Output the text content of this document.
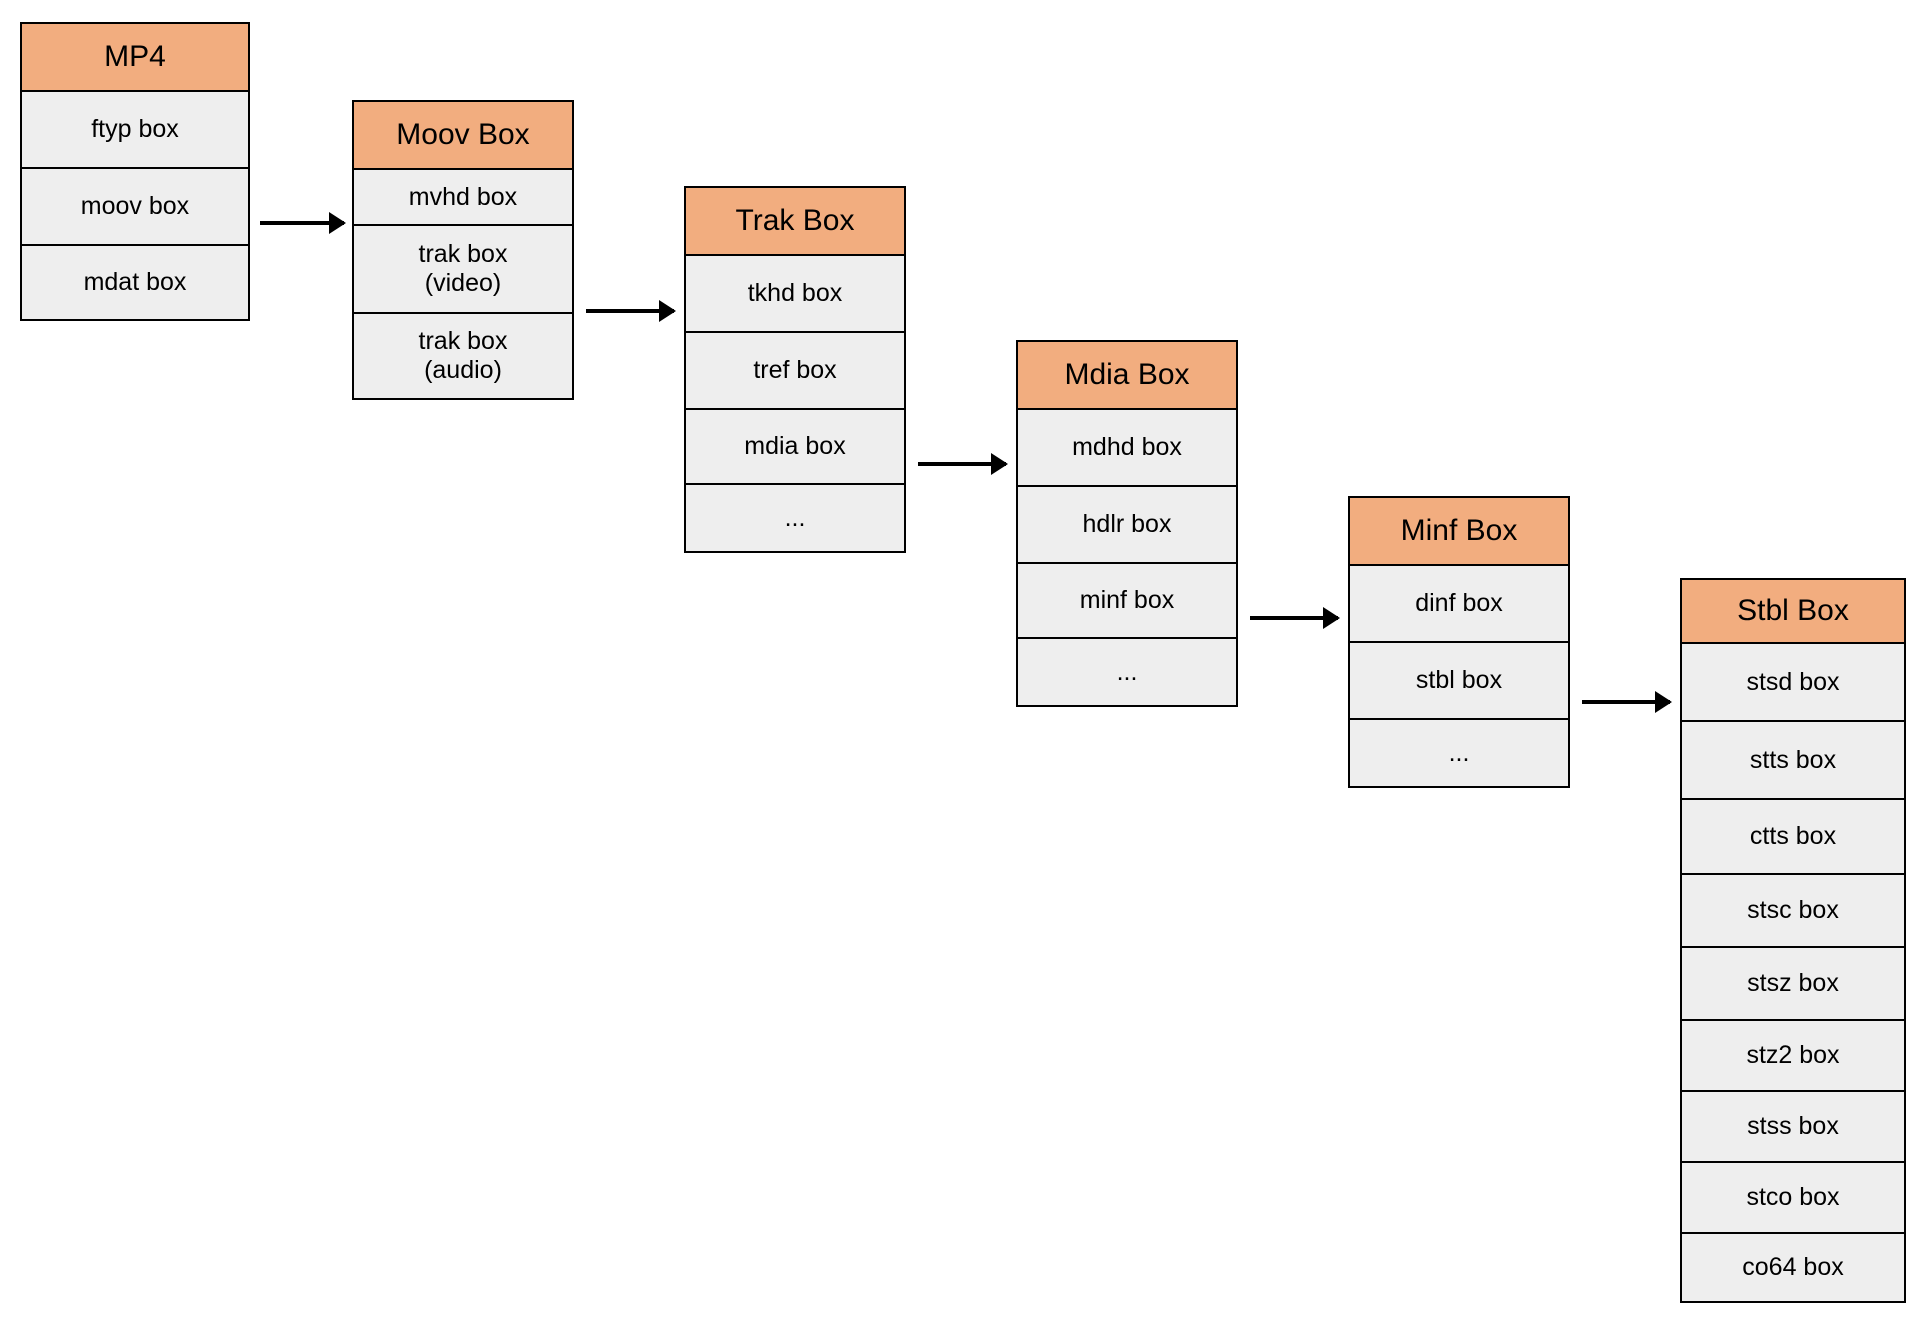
MP4
ftyp box
moov box
mdat box
Moov Box
mvhd box
trak box
(video)
trak box
(audio)
Trak Box
tkhd box
tref box
mdia box
...
Mdia Box
mdhd box
hdlr box
minf box
...
Minf Box
dinf box
stbl box
...
Stbl Box
stsd box
stts box
ctts box
stsc box
stsz box
stz2 box
stss box
stco box
co64 box
